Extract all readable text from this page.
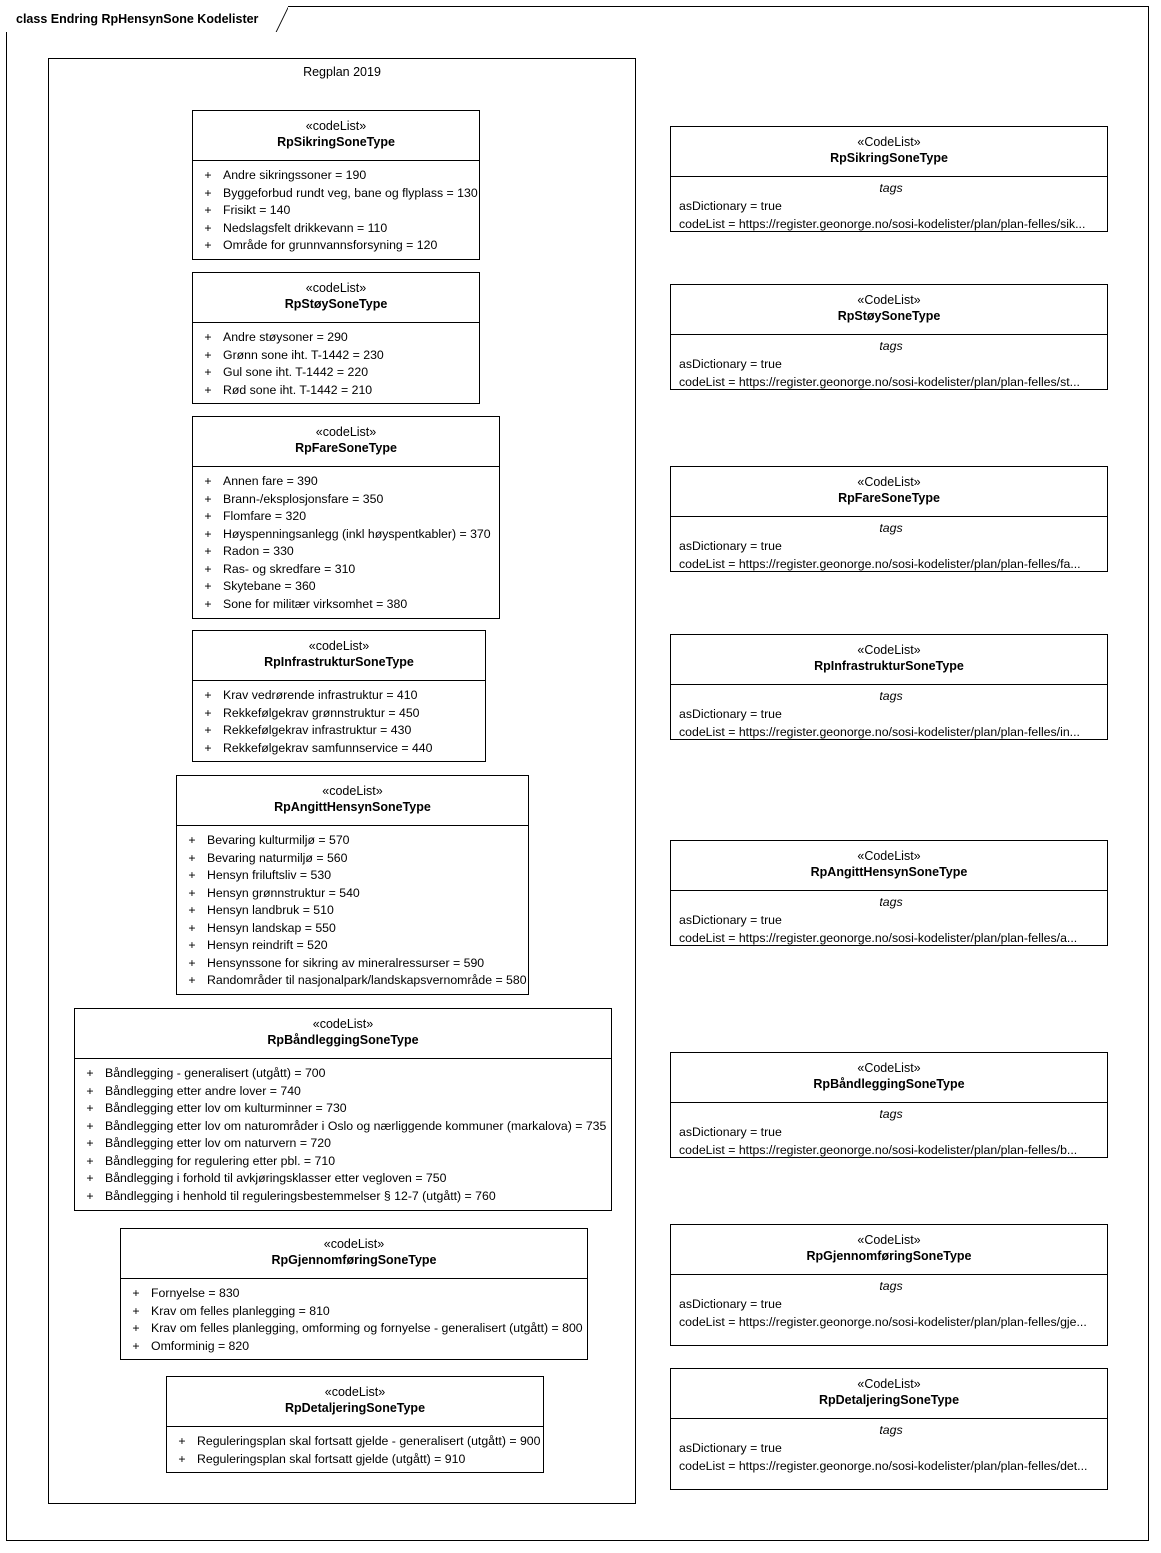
class Endring RpHensynSone Kodelister
Regplan 2019
«codeList»
RpSikringSoneType
+ Andre sikringssoner = 190
+ Byggeforbud rundt veg, bane og flyplass = 130
+ Frisikt = 140
+ Nedslagsfelt drikkevann = 110
+ Område for grunnvannsforsyning = 120
«codeList»
RpStøySoneType
+ Andre støysoner = 290
+ Grønn sone iht. T-1442 = 230
+ Gul sone iht. T-1442 = 220
+ Rød sone iht. T-1442 = 210
«codeList»
RpFareSoneType
+ Annen fare = 390
+ Brann-/eksplosjonsfare = 350
+ Flomfare = 320
+ Høyspenningsanlegg (inkl høyspentkabler) = 370
+ Radon = 330
+ Ras- og skredfare = 310
+ Skytebane = 360
+ Sone for militær virksomhet = 380
«codeList»
RpInfrastrukturSoneType
+ Krav vedrørende infrastruktur = 410
+ Rekkefølgekrav grønnstruktur = 450
+ Rekkefølgekrav infrastruktur = 430
+ Rekkefølgekrav samfunnservice = 440
«codeList»
RpAngittHensynSoneType
+ Bevaring kulturmiljø = 570
+ Bevaring naturmiljø = 560
+ Hensyn friluftsliv = 530
+ Hensyn grønnstruktur = 540
+ Hensyn landbruk = 510
+ Hensyn landskap = 550
+ Hensyn reindrift = 520
+ Hensynssone for sikring av mineralressurser = 590
+ Randområder til nasjonalpark/landskapsvernområde = 580
«codeList»
RpBåndleggingSoneType
+ Båndlegging - generalisert (utgått) = 700
+ Båndlegging etter andre lover = 740
+ Båndlegging etter lov om kulturminner = 730
+ Båndlegging etter lov om naturområder i Oslo og nærliggende kommuner (markalova) = 735
+ Båndlegging etter lov om naturvern = 720
+ Båndlegging for regulering etter pbl. = 710
+ Båndlegging i forhold til avkjøringsklasser etter vegloven = 750
+ Båndlegging i henhold til reguleringsbestemmelser § 12-7 (utgått) = 760
«codeList»
RpGjennomføringSoneType
+ Fornyelse = 830
+ Krav om felles planlegging = 810
+ Krav om felles planlegging, omforming og fornyelse - generalisert (utgått) = 800
+ Omforminig = 820
«codeList»
RpDetaljeringSoneType
+ Reguleringsplan skal fortsatt gjelde - generalisert (utgått) = 900
+ Reguleringsplan skal fortsatt gjelde (utgått) = 910
«CodeList»
RpSikringSoneType
tags
asDictionary = true
codeList = https://register.geonorge.no/sosi-kodelister/plan/plan-felles/sik...
«CodeList»
RpStøySoneType
tags
asDictionary = true
codeList = https://register.geonorge.no/sosi-kodelister/plan/plan-felles/st...
«CodeList»
RpFareSoneType
tags
asDictionary = true
codeList = https://register.geonorge.no/sosi-kodelister/plan/plan-felles/fa...
«CodeList»
RpInfrastrukturSoneType
tags
asDictionary = true
codeList = https://register.geonorge.no/sosi-kodelister/plan/plan-felles/in...
«CodeList»
RpAngittHensynSoneType
tags
asDictionary = true
codeList = https://register.geonorge.no/sosi-kodelister/plan/plan-felles/a...
«CodeList»
RpBåndleggingSoneType
tags
asDictionary = true
codeList = https://register.geonorge.no/sosi-kodelister/plan/plan-felles/b...
«CodeList»
RpGjennomføringSoneType
tags
asDictionary = true
codeList = https://register.geonorge.no/sosi-kodelister/plan/plan-felles/gje...
«CodeList»
RpDetaljeringSoneType
tags
asDictionary = true
codeList = https://register.geonorge.no/sosi-kodelister/plan/plan-felles/det...
